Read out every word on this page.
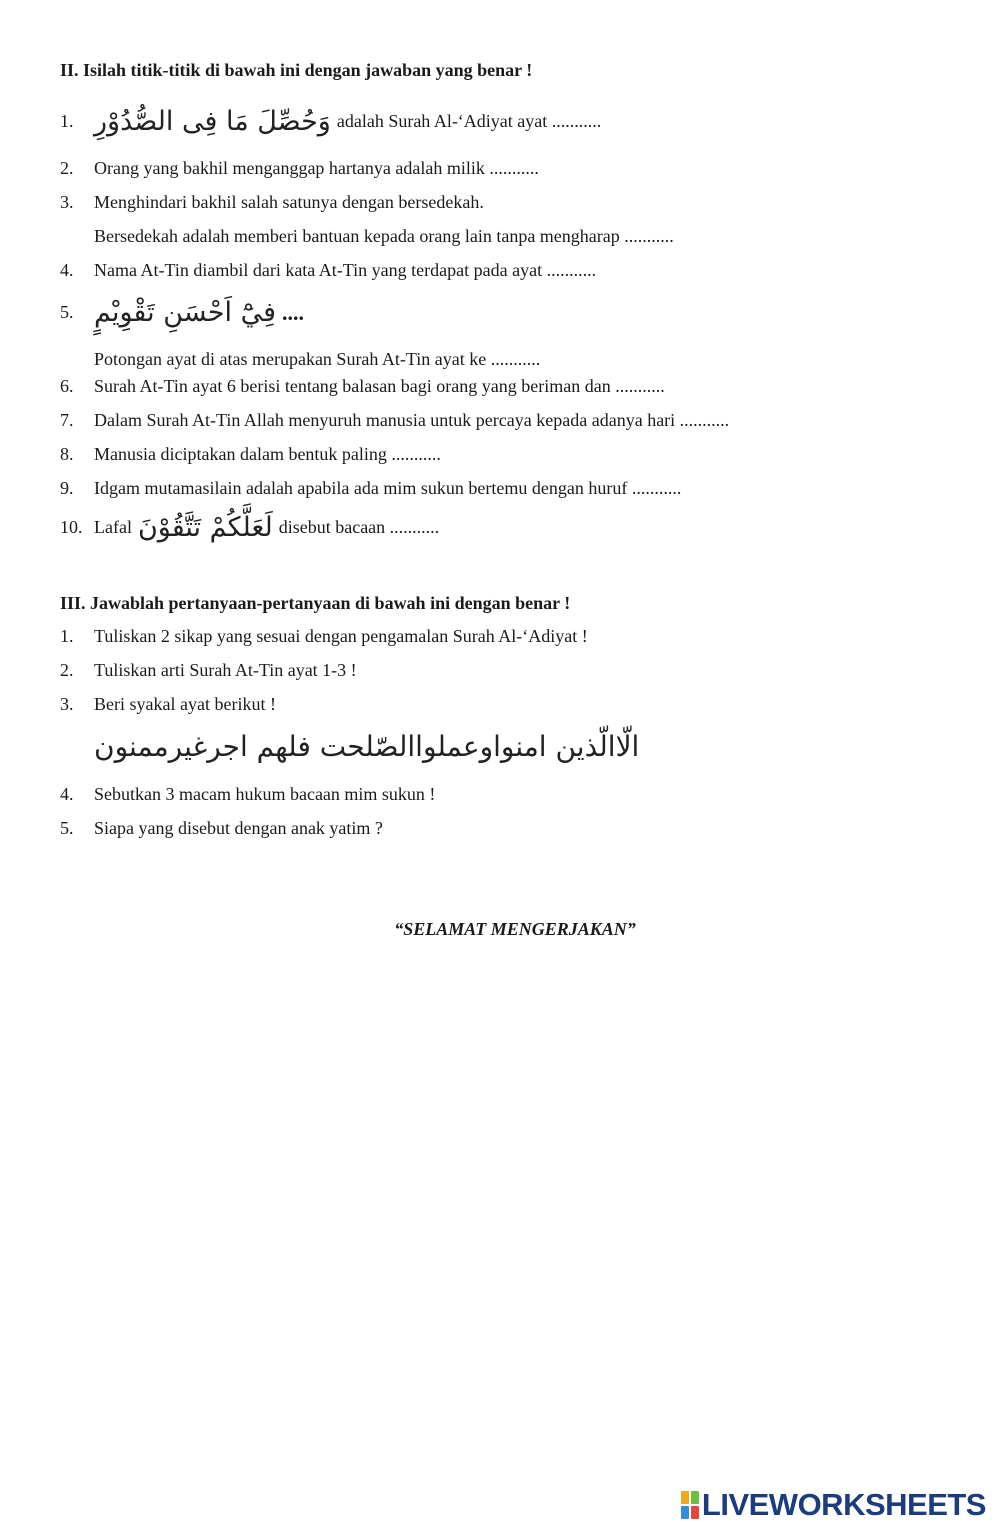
II. Isilah titik-titik di bawah ini dengan jawaban yang benar !
1. وَحُصِّلَ مَا فِى الصُّدُوْرِ adalah Surah Al-‘Adiyat ayat ...........
2.	Orang yang bakhil menganggap hartanya adalah milik ...........
3.	Menghindari bakhil salah satunya dengan bersedekah.
Bersedekah adalah memberi bantuan kepada orang lain tanpa mengharap ...........
4.	Nama At-Tin diambil dari kata At-Tin yang terdapat pada ayat ...........
5. فِيْٓ اَحْسَنِ تَقْوِيْمٍ ....
Potongan ayat di atas merupakan Surah At-Tin ayat ke ...........
6.	Surah At-Tin ayat 6 berisi tentang balasan bagi orang yang beriman dan ...........
7.	Dalam Surah At-Tin Allah menyuruh manusia untuk percaya kepada adanya hari ...........
8.	Manusia diciptakan dalam bentuk paling ...........
9.	Idgam mutamasilain adalah apabila ada mim sukun bertemu dengan huruf ...........
10. Lafal لَعَلَّكُمْ تَتَّقُوْنَ disebut bacaan ...........
III. Jawablah pertanyaan-pertanyaan di bawah ini dengan benar !
1.	Tuliskan 2 sikap yang sesuai dengan pengamalan Surah Al-‘Adiyat !
2.	Tuliskan arti Surah At-Tin ayat 1-3 !
3.	Beri syakal ayat berikut !
الّاالّذين امنواوعملواالصّلحت فلهم اجرغيرممنون
4.	Sebutkan 3 macam hukum bacaan mim sukun !
5.	Siapa yang disebut dengan anak yatim ?
“SELAMAT MENGERJAKAN”
LIVEWORKSHEETS
